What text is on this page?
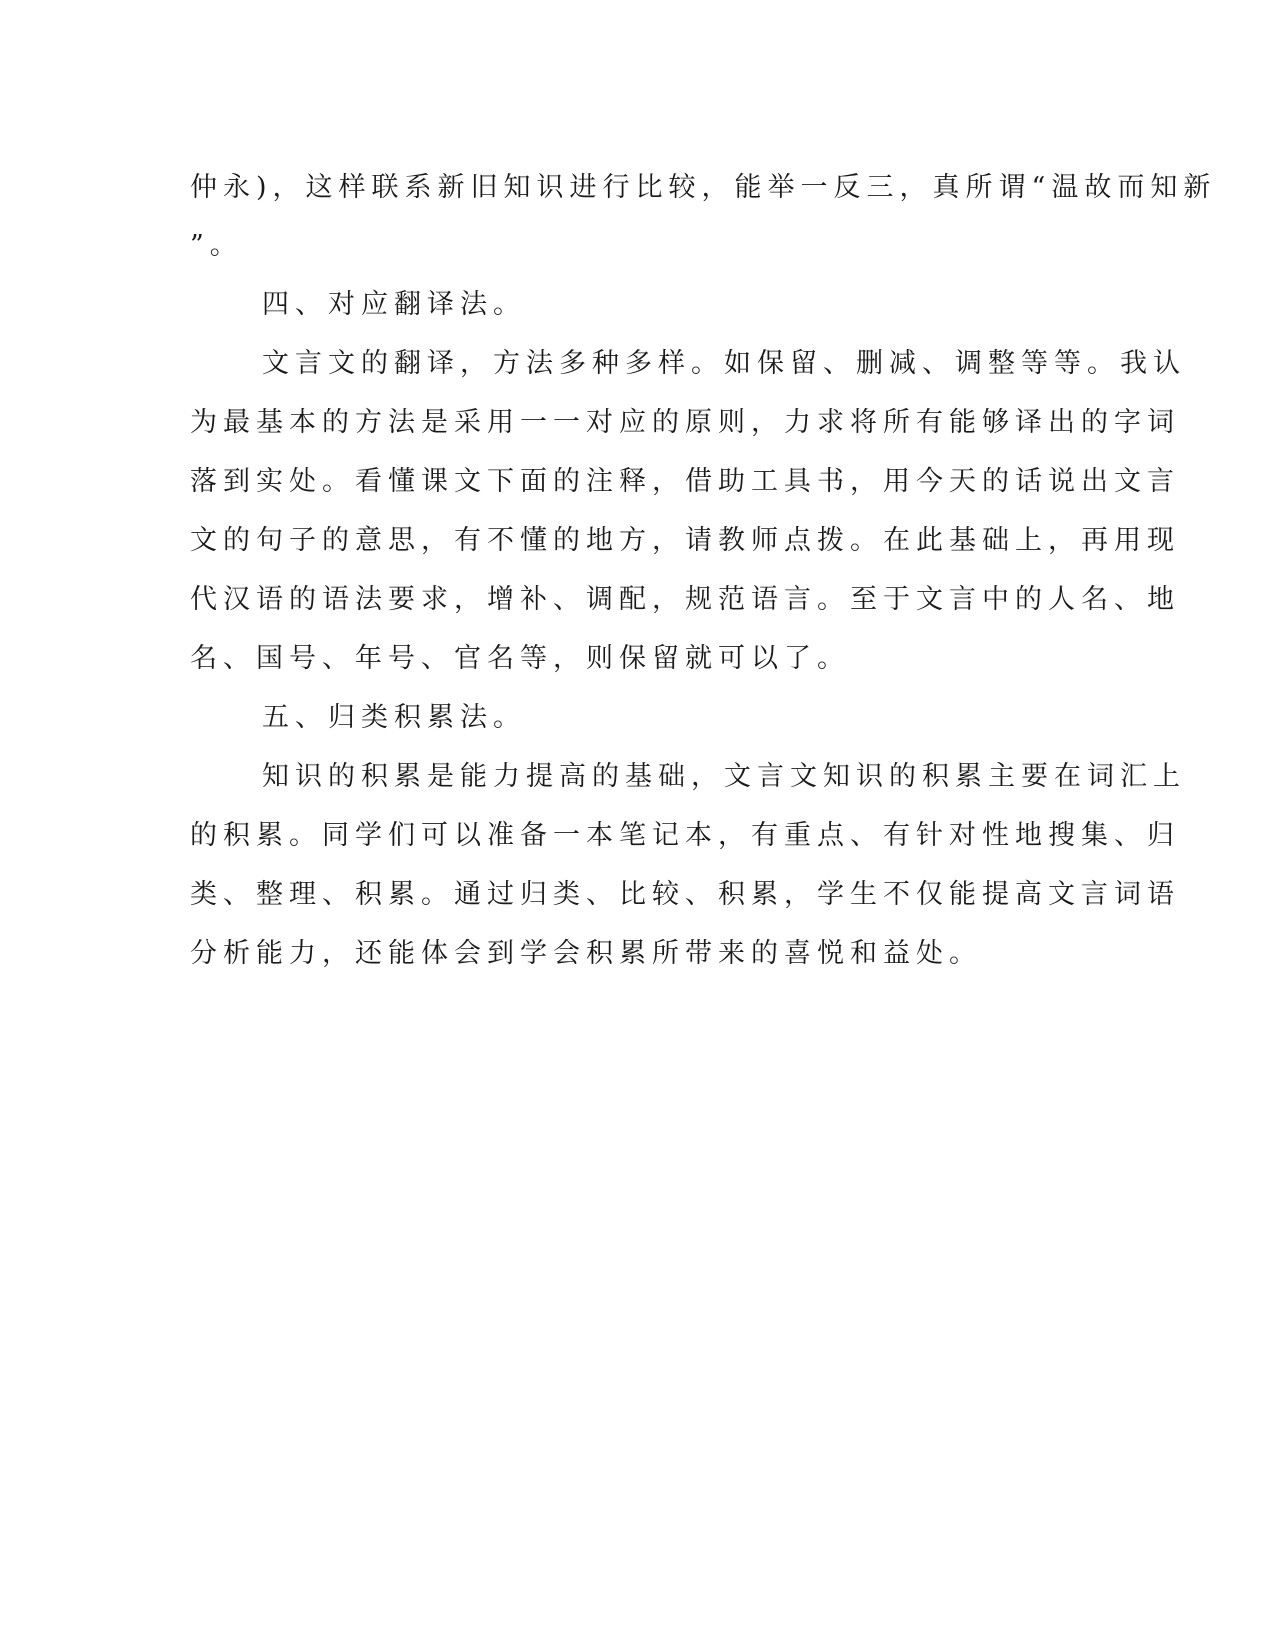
仲永)，这样联系新旧知识进行比较，能举一反三，真所谓“温故而知新
”。
四、对应翻译法。
文言文的翻译，方法多种多样。如保留、删减、调整等等。我认
为最基本的方法是采用一一对应的原则，力求将所有能够译出的字词
落到实处。看懂课文下面的注释，借助工具书，用今天的话说出文言
文的句子的意思，有不懂的地方，请教师点拨。在此基础上，再用现
代汉语的语法要求，增补、调配，规范语言。至于文言中的人名、地
名、国号、年号、官名等，则保留就可以了。
五、归类积累法。
知识的积累是能力提高的基础，文言文知识的积累主要在词汇上
的积累。同学们可以准备一本笔记本，有重点、有针对性地搜集、归
类、整理、积累。通过归类、比较、积累，学生不仅能提高文言词语
分析能力，还能体会到学会积累所带来的喜悦和益处。
